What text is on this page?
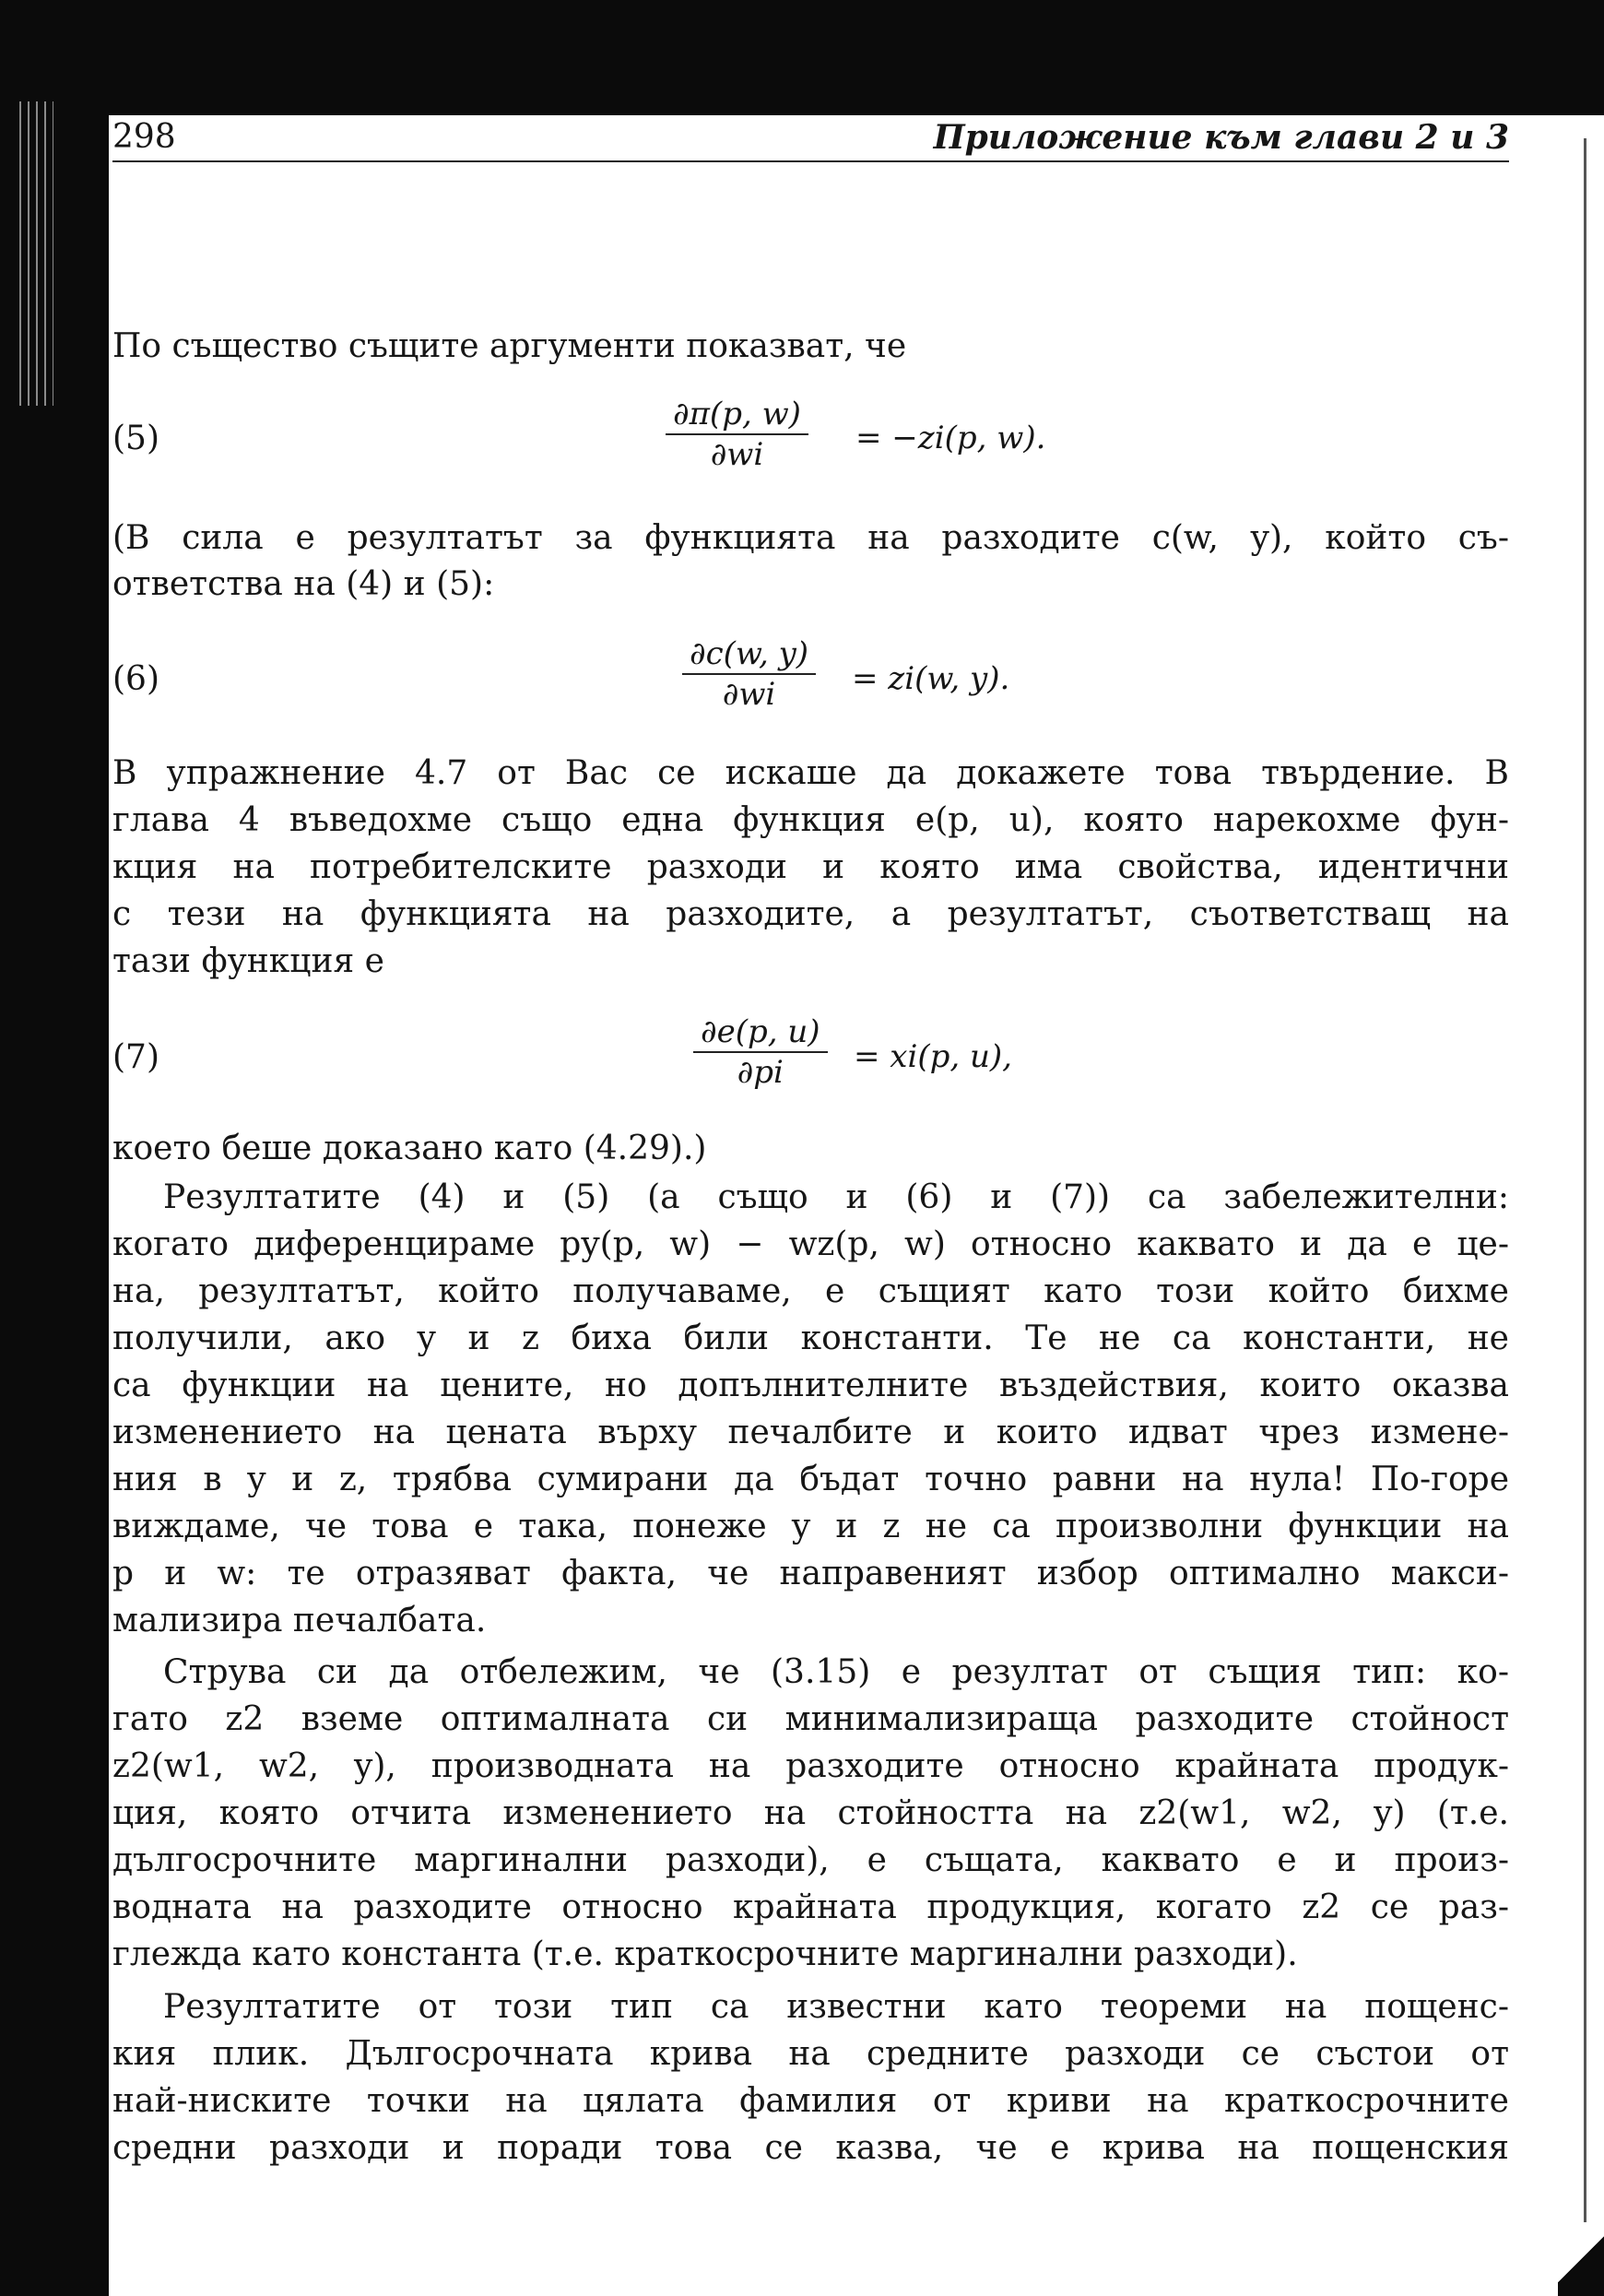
298	Приложение към глави 2 и 3
По същество същите аргументи показват, че
(5)
∂π(p, w)
∂wi	= −zi(p, w).
(В сила е резултатът за функцията на разходите c(w, y), който съ-
ответства на (4) и (5):
(6)
∂c(w, y)
∂wi = zi(w, y).
В упражнение 4.7 от Вас се искаше да докажете това твърдение. В
глава 4 въведохме също една функция e(p, u), която нарекохме фун-
кция на потребителските разходи и която има свойства, идентични
с тези на функцията на разходите, а резултатът, съответстващ на
тази функция е
(7)
∂e(p, u)
∂pi = xi(p, u),
което беше доказано като (4.29).)
Резултатите (4) и (5) (а също и (6) и (7)) са забележителни:
когато диференцираме py(p, w) − wz(p, w) относно каквато и да е це-
на, резултатът, който получаваме, е същият като този който бихме
получили, ако y и z биха били константи. Те не са константи, не
са функции на цените, но допълнителните въздействия, които оказва
изменението на цената върху печалбите и които идват чрез измене-
ния в y и z, трябва сумирани да бъдат точно равни на нула! По-горе
виждаме, че това е така, понеже y и z не са произволни функции на
p и w: те отразяват факта, че направеният избор оптимално макси-
мализира печалбата.
Струва си да отбележим, че (3.15) е резултат от същия тип: ко-
гато z2 вземе оптималната си минимализираща разходите стойност
z2(w1, w2, y), производната на разходите относно крайната продук-
ция, която отчита изменението на стойността на z2(w1, w2, y) (т.е.
дългосрочните маргинални разходи), е същата, каквато е и произ-
водната на разходите относно крайната продукция, когато z2 се раз-
глежда като константа (т.е. краткосрочните маргинални разходи).
Резултатите от този тип са известни като теореми на пощенс-
кия плик. Дългосрочната крива на средните разходи се състои от
най-ниските точки на цялата фамилия от криви на краткосрочните
средни разходи и поради това се казва, че е крива на пощенския
